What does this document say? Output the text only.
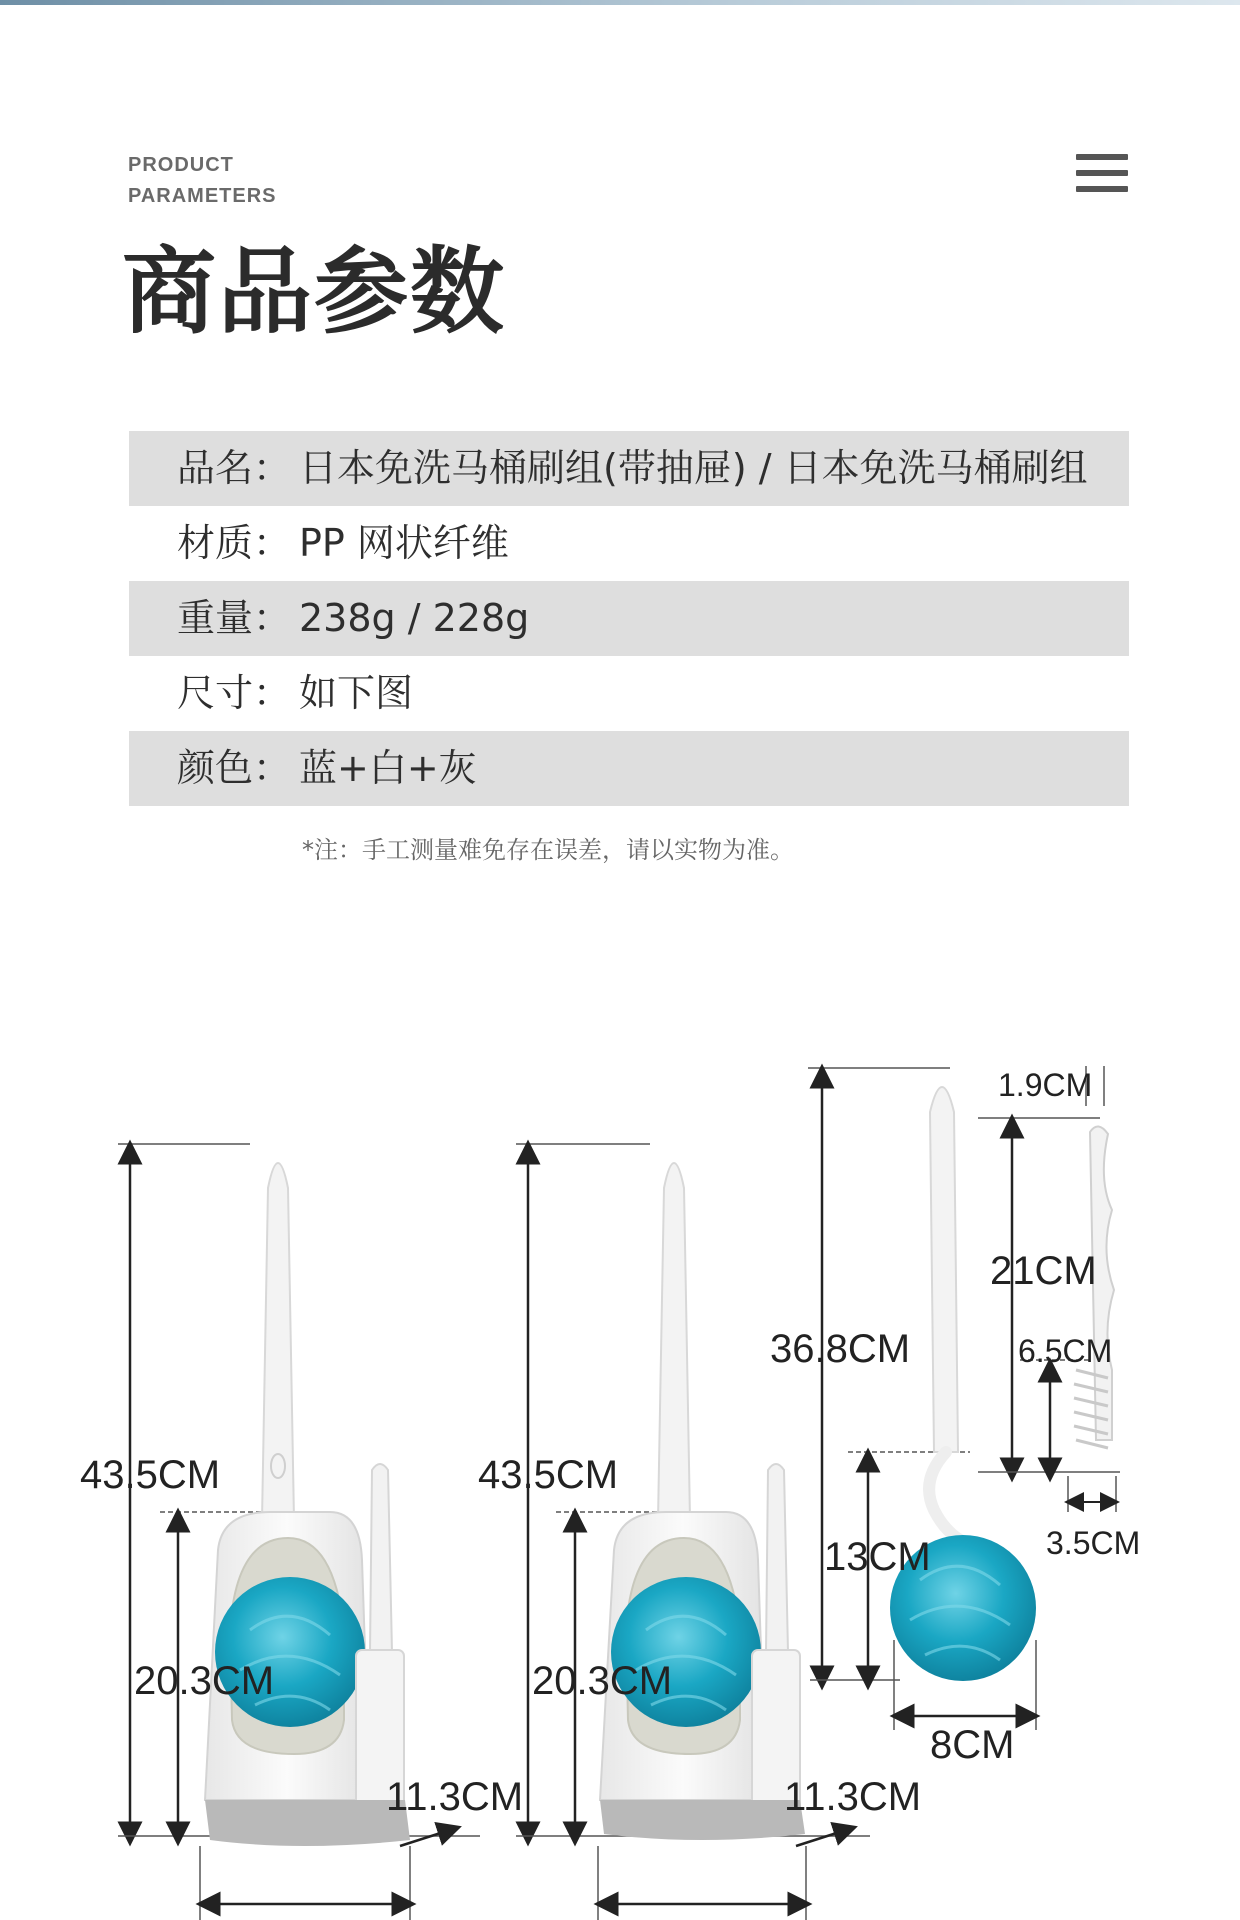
PRODUCT
PARAMETERS
商品参数
品名： 日本免洗马桶刷组(带抽屉) / 日本免洗马桶刷组
材质： PP 网状纤维
重量： 238g / 228g
尺寸： 如下图
颜色： 蓝+白+灰
*注：手工测量难免存在误差，请以实物为准。
43.5CM
20.3CM
11.3CM
43.5CM
20.3CM
11.3CM
36.8CM
13CM
8CM
1.9CM
21CM
6.5CM
3.5CM
